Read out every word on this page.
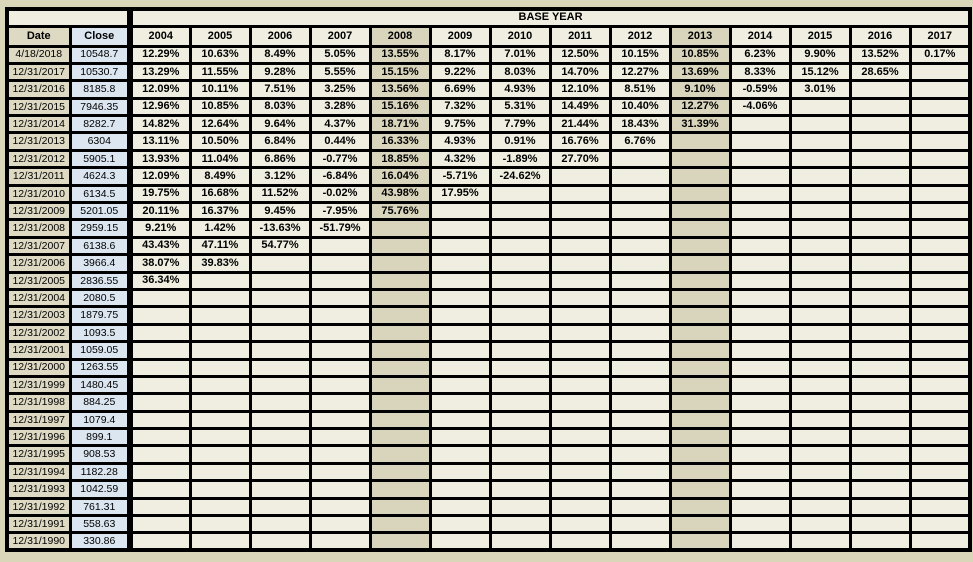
		BASE YEAR													
Date	Close	2004	2005	2006	2007	2008	2009	2010	2011	2012	2013	2014	2015	2016	2017
4/18/2018	10548.7	12.29%	10.63%	8.49%	5.05%	13.55%	8.17%	7.01%	12.50%	10.15%	10.85%	6.23%	9.90%	13.52%	0.17%
12/31/2017	10530.7	13.29%	11.55%	9.28%	5.55%	15.15%	9.22%	8.03%	14.70%	12.27%	13.69%	8.33%	15.12%	28.65%	
12/31/2016	8185.8	12.09%	10.11%	7.51%	3.25%	13.56%	6.69%	4.93%	12.10%	8.51%	9.10%	-0.59%	3.01%		
12/31/2015	7946.35	12.96%	10.85%	8.03%	3.28%	15.16%	7.32%	5.31%	14.49%	10.40%	12.27%	-4.06%			
12/31/2014	8282.7	14.82%	12.64%	9.64%	4.37%	18.71%	9.75%	7.79%	21.44%	18.43%	31.39%				
12/31/2013	6304	13.11%	10.50%	6.84%	0.44%	16.33%	4.93%	0.91%	16.76%	6.76%					
12/31/2012	5905.1	13.93%	11.04%	6.86%	-0.77%	18.85%	4.32%	-1.89%	27.70%						
12/31/2011	4624.3	12.09%	8.49%	3.12%	-6.84%	16.04%	-5.71%	-24.62%							
12/31/2010	6134.5	19.75%	16.68%	11.52%	-0.02%	43.98%	17.95%								
12/31/2009	5201.05	20.11%	16.37%	9.45%	-7.95%	75.76%									
12/31/2008	2959.15	9.21%	1.42%	-13.63%	-51.79%										
12/31/2007	6138.6	43.43%	47.11%	54.77%											
12/31/2006	3966.4	38.07%	39.83%												
12/31/2005	2836.55	36.34%													
12/31/2004	2080.5														
12/31/2003	1879.75														
12/31/2002	1093.5														
12/31/2001	1059.05														
12/31/2000	1263.55														
12/31/1999	1480.45														
12/31/1998	884.25														
12/31/1997	1079.4														
12/31/1996	899.1														
12/31/1995	908.53														
12/31/1994	1182.28														
12/31/1993	1042.59														
12/31/1992	761.31														
12/31/1991	558.63														
12/31/1990	330.86														
